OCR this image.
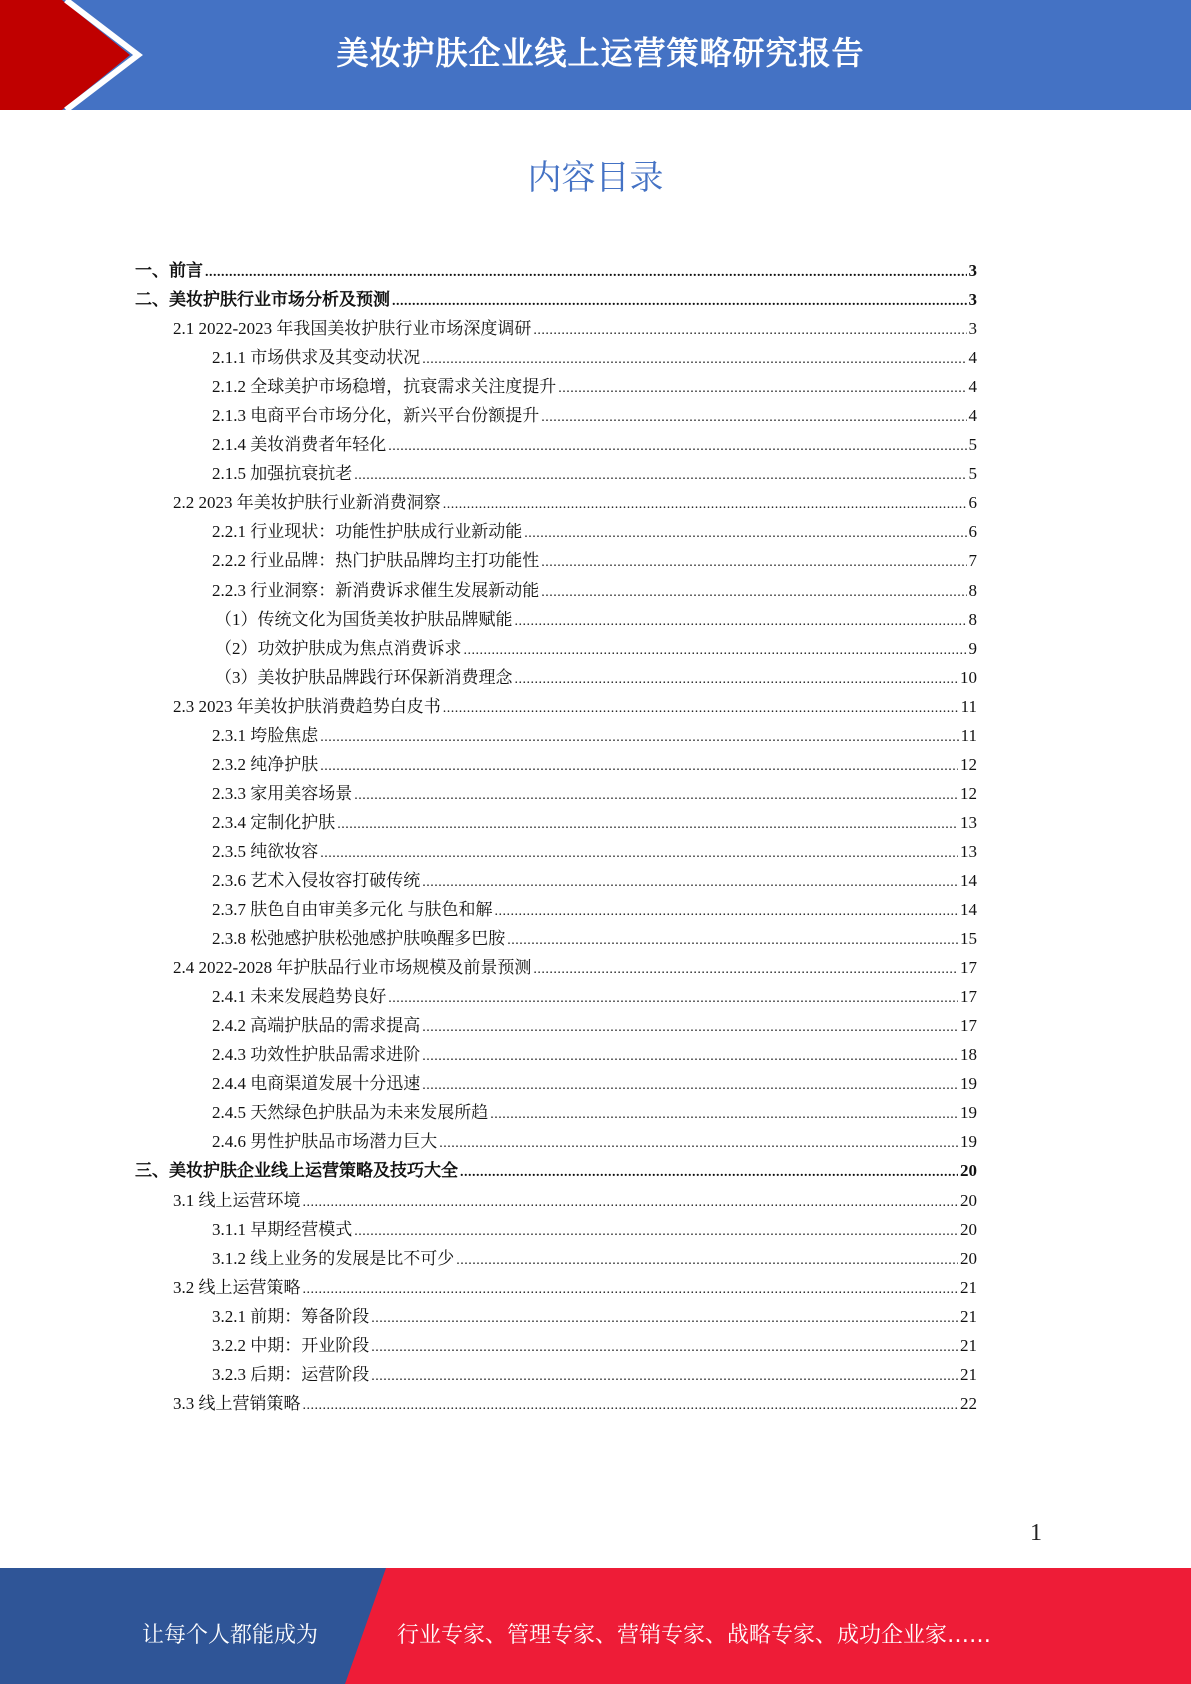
美妆护肤企业线上运营策略研究报告
内容目录
一、前言 .....	3
二、美妆护肤行业市场分析及预测 .....	3
2.1 2022-2023 年我国美妆护肤行业市场深度调研 .....	3
2.1.1 市场供求及其变动状况 .....	4
2.1.2 全球美护市场稳增，抗衰需求关注度提升 .....	4
2.1.3 电商平台市场分化，新兴平台份额提升 .....	4
2.1.4 美妆消费者年轻化 .....	5
2.1.5 加强抗衰抗老 .....	5
2.2 2023 年美妆护肤行业新消费洞察 .....	6
2.2.1 行业现状：功能性护肤成行业新动能 .....	6
2.2.2 行业品牌：热门护肤品牌均主打功能性 .....	7
2.2.3 行业洞察：新消费诉求催生发展新动能 .....	8
（1）传统文化为国货美妆护肤品牌赋能 .....	8
（2）功效护肤成为焦点消费诉求 .....	9
（3）美妆护肤品牌践行环保新消费理念 .....	10
2.3 2023 年美妆护肤消费趋势白皮书 .....	11
2.3.1 垮脸焦虑 .....	11
2.3.2 纯净护肤 .....	12
2.3.3 家用美容场景 .....	12
2.3.4 定制化护肤 .....	13
2.3.5 纯欲妆容 .....	13
2.3.6 艺术入侵妆容打破传统 .....	14
2.3.7 肤色自由审美多元化 与肤色和解 .....	14
2.3.8 松弛感护肤松弛感护肤唤醒多巴胺 .....	15
2.4 2022-2028 年护肤品行业市场规模及前景预测 .....	17
2.4.1 未来发展趋势良好 .....	17
2.4.2 高端护肤品的需求提高 .....	17
2.4.3 功效性护肤品需求进阶 .....	18
2.4.4 电商渠道发展十分迅速 .....	19
2.4.5 天然绿色护肤品为未来发展所趋 .....	19
2.4.6 男性护肤品市场潜力巨大 .....	19
三、美妆护肤企业线上运营策略及技巧大全 .....	20
3.1 线上运营环境 .....	20
3.1.1 早期经营模式 .....	20
3.1.2 线上业务的发展是比不可少 .....	20
3.2 线上运营策略 .....	21
3.2.1 前期：筹备阶段 .....	21
3.2.2 中期：开业阶段 .....	21
3.2.3 后期：运营阶段 .....	21
3.3 线上营销策略 .....	22
1
让每个人都能成为	行业专家、管理专家、营销专家、战略专家、成功企业家……
